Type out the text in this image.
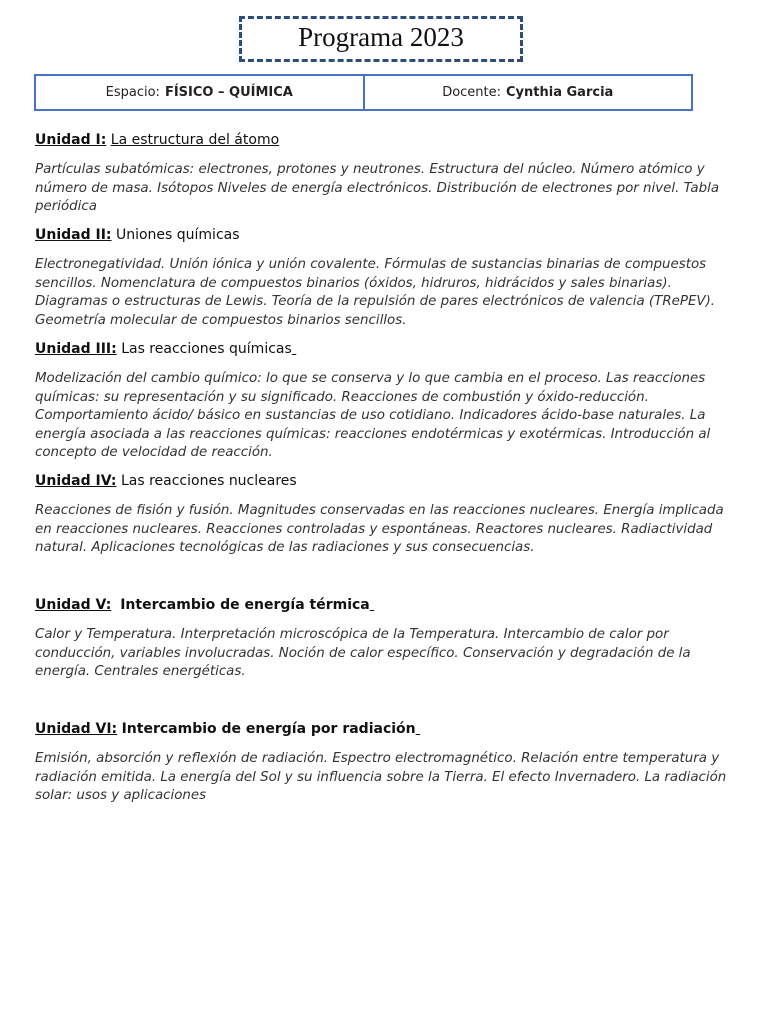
Programa 2023
Espacio: FÍSICO – QUÍMICA	Docente: Cynthia Garcia

Unidad I: La estructura del átomo

Partículas subatómicas: electrones, protones y neutrones. Estructura del núcleo. Número atómico y número de masa. Isótopos Niveles de energía electrónicos. Distribución de electrones por nivel. Tabla periódica

Unidad II: Uniones químicas

Electronegatividad. Unión iónica y unión covalente. Fórmulas de sustancias binarias de compuestos sencillos. Nomenclatura de compuestos binarios (óxidos, hidruros, hidrácidos y sales binarias). Diagramas o estructuras de Lewis. Teoría de la repulsión de pares electrónicos de valencia (TRePEV). Geometría molecular de compuestos binarios sencillos.

Unidad III: Las reacciones químicas

Modelización del cambio químico: lo que se conserva y lo que cambia en el proceso. Las reacciones químicas: su representación y su significado. Reacciones de combustión y óxido-reducción. Comportamiento ácido/ básico en sustancias de uso cotidiano. Indicadores ácido-base naturales. La energía asociada a las reacciones químicas: reacciones endotérmicas y exotérmicas. Introducción al concepto de velocidad de reacción.

Unidad IV: Las reacciones nucleares

Reacciones de fisión y fusión. Magnitudes conservadas en las reacciones nucleares. Energía implicada en reacciones nucleares. Reacciones controladas y espontáneas. Reactores nucleares. Radiactividad natural. Aplicaciones tecnológicas de las radiaciones y sus consecuencias.

Unidad V: Intercambio de energía térmica

Calor y Temperatura. Interpretación microscópica de la Temperatura. Intercambio de calor por conducción, variables involucradas. Noción de calor específico. Conservación y degradación de la energía. Centrales energéticas.

Unidad VI: Intercambio de energía por radiación

Emisión, absorción y reflexión de radiación. Espectro electromagnético. Relación entre temperatura y radiación emitida. La energía del Sol y su influencia sobre la Tierra. El efecto Invernadero. La radiación solar: usos y aplicaciones
